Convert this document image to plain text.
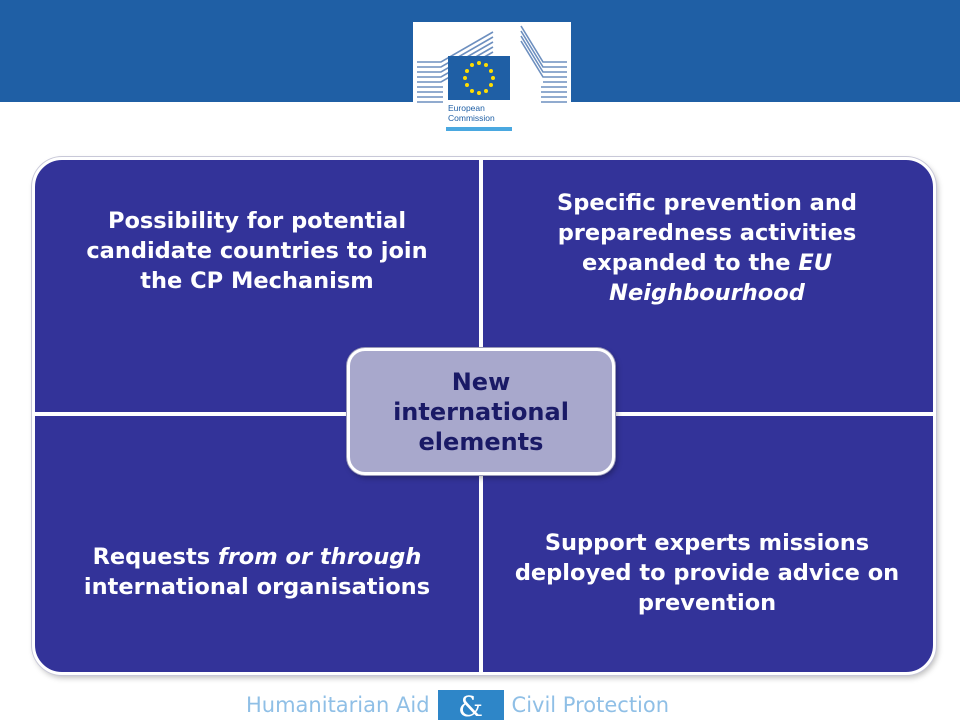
European
Commission
Possibility for potential candidate countries to join the CP Mechanism
Specific prevention and preparedness activities expanded to the EU Neighbourhood
Requests from or through international organisations
Support experts missions deployed to provide advice on prevention
New international elements
Humanitarian Aid	&	Civil Protection
